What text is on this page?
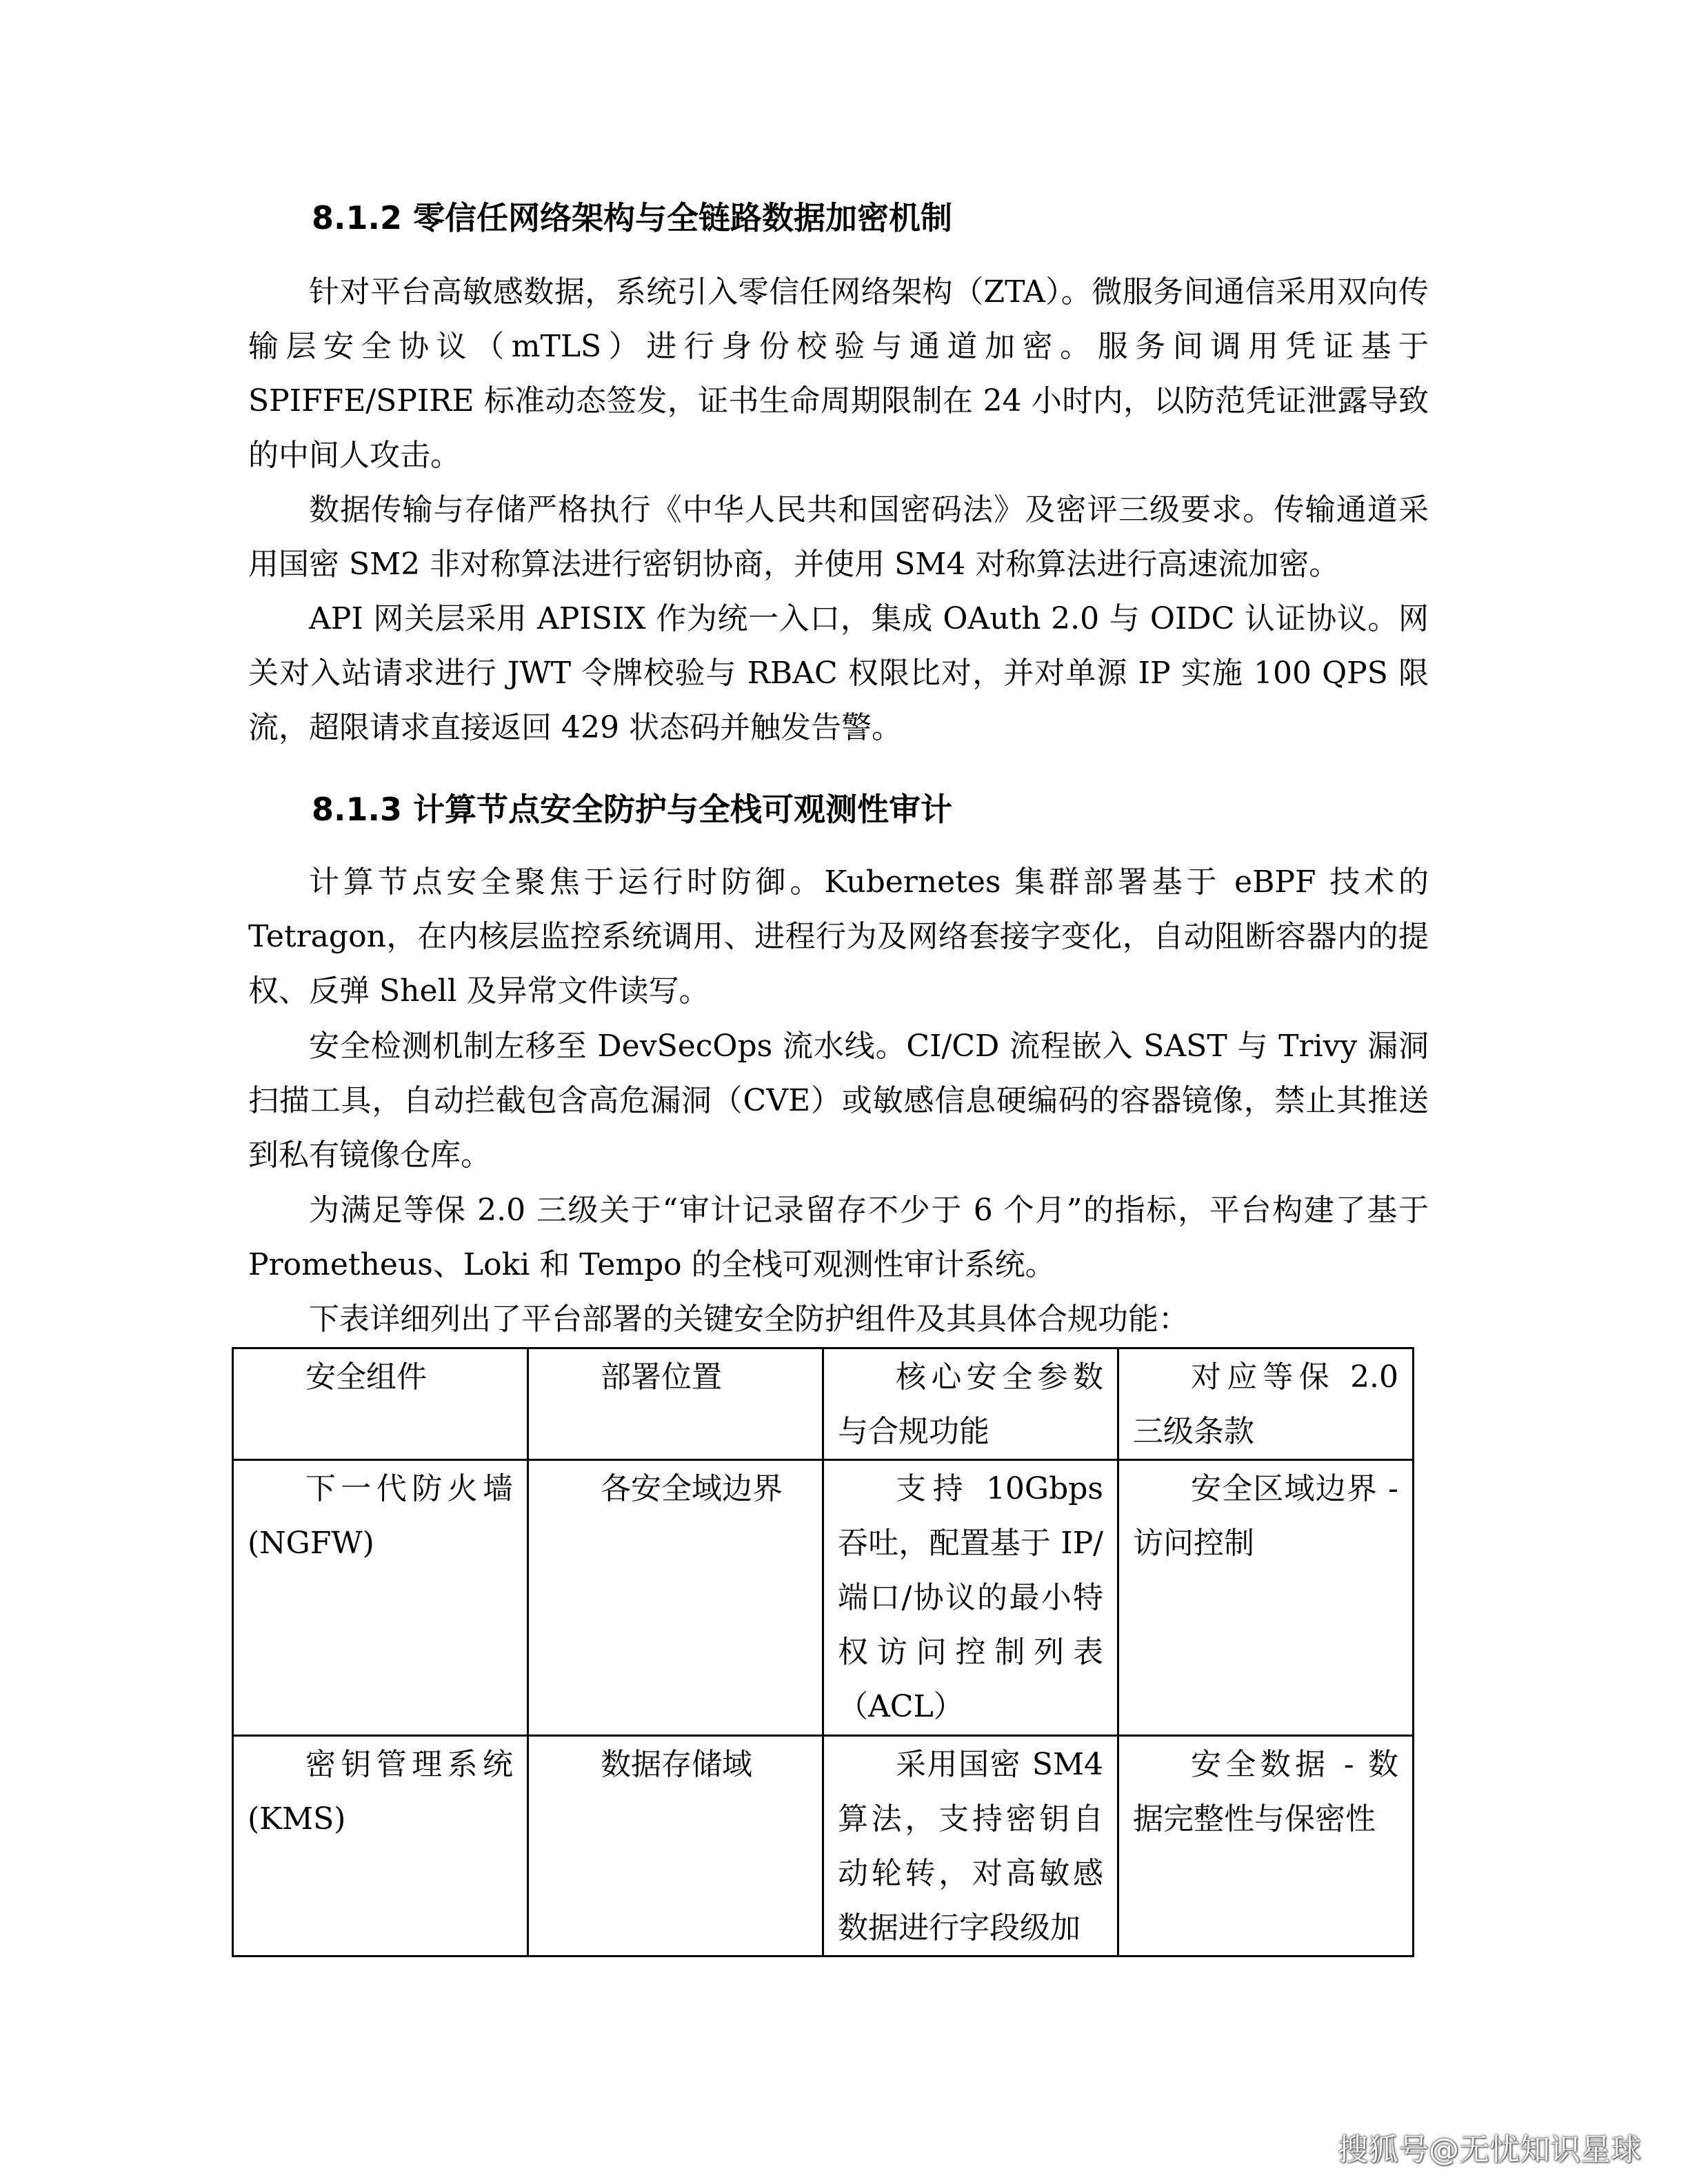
8.1.2 零信任网络架构与全链路数据加密机制

针对平台高敏感数据，系统引入零信任网络架构（ZTA）。微服务间通信采用双向传输层安全协议（mTLS）进行身份校验与通道加密。服务间调用凭证基于 SPIFFE/SPIRE 标准动态签发，证书生命周期限制在 24 小时内，以防范凭证泄露导致的中间人攻击。

数据传输与存储严格执行《中华人民共和国密码法》及密评三级要求。传输通道采用国密 SM2 非对称算法进行密钥协商，并使用 SM4 对称算法进行高速流加密。

API 网关层采用 APISIX 作为统一入口，集成 OAuth 2.0 与 OIDC 认证协议。网关对入站请求进行 JWT 令牌校验与 RBAC 权限比对，并对单源 IP 实施 100 QPS 限流，超限请求直接返回 429 状态码并触发告警。

8.1.3 计算节点安全防护与全栈可观测性审计

计算节点安全聚焦于运行时防御。Kubernetes 集群部署基于 eBPF 技术的 Tetragon，在内核层监控系统调用、进程行为及网络套接字变化，自动阻断容器内的提权、反弹 Shell 及异常文件读写。

安全检测机制左移至 DevSecOps 流水线。CI/CD 流程嵌入 SAST 与 Trivy 漏洞扫描工具，自动拦截包含高危漏洞（CVE）或敏感信息硬编码的容器镜像，禁止其推送到私有镜像仓库。

为满足等保 2.0 三级关于“审计记录留存不少于 6 个月”的指标，平台构建了基于 Prometheus、Loki 和 Tempo 的全栈可观测性审计系统。

下表详细列出了平台部署的关键安全防护组件及其具体合规功能：

安全组件	部署位置	核心安全参数与合规功能	对应等保 2.0 三级条款

下一代防火墙(NGFW)	各安全域边界	支持 10Gbps 吞吐，配置基于 IP/端口/协议的最小特权访问控制列表（ACL）	安全区域边界 - 访问控制

密钥管理系统(KMS)	数据存储域	采用国密 SM4 算法，支持密钥自动轮转，对高敏感数据进行字段级加	安全数据 - 数据完整性与保密性
搜狐号@无忧知识星球
